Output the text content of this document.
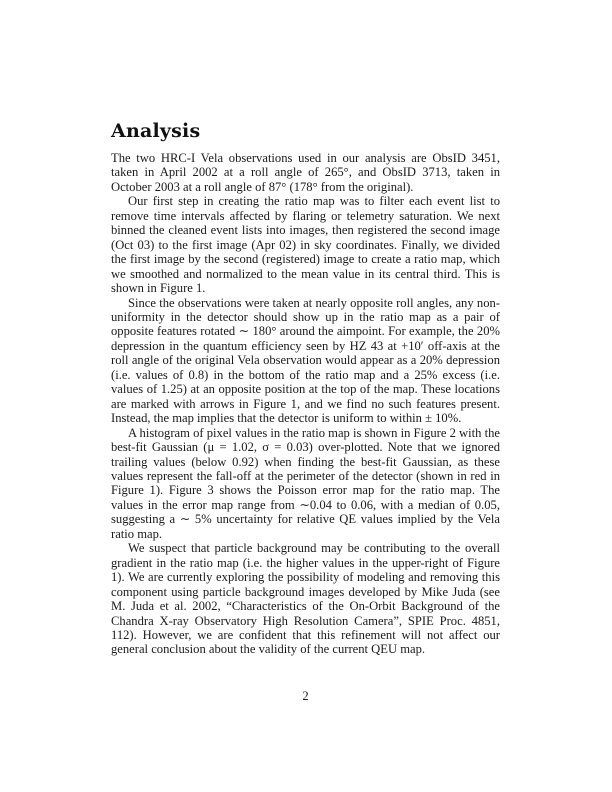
Analysis

The two HRC-I Vela observations used in our analysis are ObsID 3451, taken in April 2002 at a roll angle of 265°, and ObsID 3713, taken in October 2003 at a roll angle of 87° (178° from the original).

Our first step in creating the ratio map was to filter each event list to remove time intervals affected by flaring or telemetry saturation. We next binned the cleaned event lists into images, then registered the second image (Oct 03) to the first image (Apr 02) in sky coordinates. Finally, we divided the first image by the second (registered) image to create a ratio map, which we smoothed and normalized to the mean value in its central third. This is shown in Figure 1.

Since the observations were taken at nearly opposite roll angles, any non-uniformity in the detector should show up in the ratio map as a pair of opposite features rotated ∼ 180° around the aimpoint. For example, the 20% depression in the quantum efficiency seen by HZ 43 at +10′ off-axis at the roll angle of the original Vela observation would appear as a 20% depression (i.e. values of 0.8) in the bottom of the ratio map and a 25% excess (i.e. values of 1.25) at an opposite position at the top of the map. These locations are marked with arrows in Figure 1, and we find no such features present. Instead, the map implies that the detector is uniform to within ± 10%.

A histogram of pixel values in the ratio map is shown in Figure 2 with the best-fit Gaussian (μ = 1.02, σ = 0.03) over-plotted. Note that we ignored trailing values (below 0.92) when finding the best-fit Gaussian, as these values represent the fall-off at the perimeter of the detector (shown in red in Figure 1). Figure 3 shows the Poisson error map for the ratio map. The values in the error map range from ∼0.04 to 0.06, with a median of 0.05, suggesting a ∼ 5% uncertainty for relative QE values implied by the Vela ratio map.

We suspect that particle background may be contributing to the overall gradient in the ratio map (i.e. the higher values in the upper-right of Figure 1). We are currently exploring the possibility of modeling and removing this component using particle background images developed by Mike Juda (see M. Juda et al. 2002, “Characteristics of the On-Orbit Background of the Chandra X-ray Observatory High Resolution Camera”, SPIE Proc. 4851, 112). However, we are confident that this refinement will not affect our general conclusion about the validity of the current QEU map.

2
